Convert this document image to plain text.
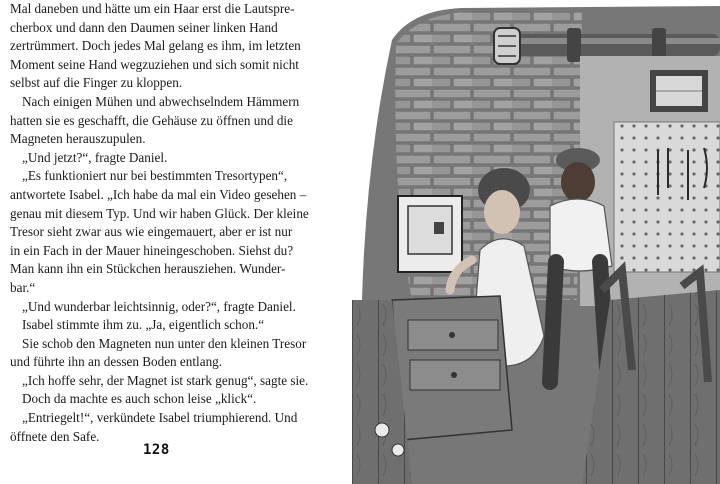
Mal daneben und hätte um ein Haar erst die Lautspre-
cherbox und dann den Daumen seiner linken Hand
zertrümmert. Doch jedes Mal gelang es ihm, im letzten
Moment seine Hand wegzuziehen und sich somit nicht
selbst auf die Finger zu kloppen.
Nach einigen Mühen und abwechselndem Hämmern
hatten sie es geschafft, die Gehäuse zu öffnen und die
Magneten herauszupulen.
„Und jetzt?“, fragte Daniel.
„Es funktioniert nur bei bestimmten Tresortypen“,
antwortete Isabel. „Ich habe da mal ein Video gesehen –
genau mit diesem Typ. Und wir haben Glück. Der kleine
Tresor sieht zwar aus wie eingemauert, aber er ist nur
in ein Fach in der Mauer hineingeschoben. Siehst du?
Man kann ihn ein Stückchen herausziehen. Wunder-
bar.“
„Und wunderbar leichtsinnig, oder?“, fragte Daniel.
Isabel stimmte ihm zu. „Ja, eigentlich schon.“
Sie schob den Magneten nun unter den kleinen Tresor
und führte ihn an dessen Boden entlang.
„Ich hoffe sehr, der Magnet ist stark genug“, sagte sie.
Doch da machte es auch schon leise „klick“.
„Entriegelt!“, verkündete Isabel triumphierend. Und
öffnete den Safe.
128
